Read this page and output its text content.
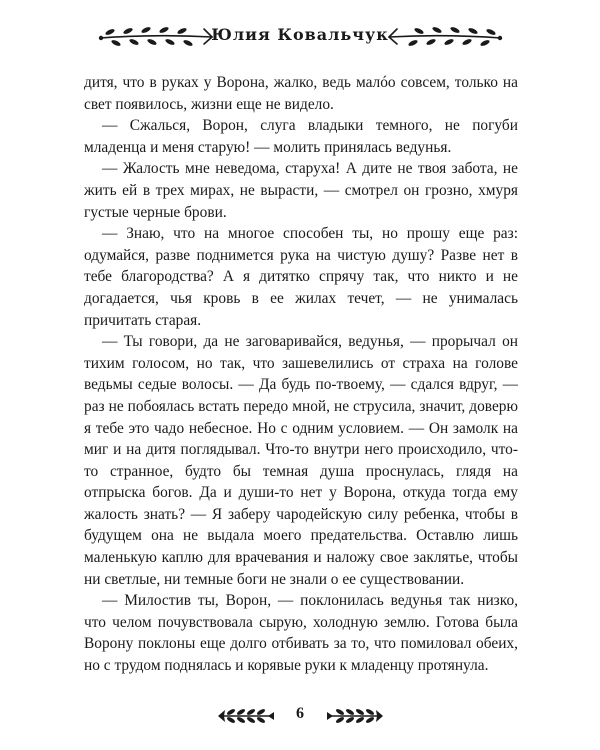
Юлия Ковальчук

дитя, что в руках у Ворона, жалко, ведь малóо совсем, только на свет появилось, жизни еще не видело.

— Сжалься, Ворон, слуга владыки темного, не погуби младенца и меня старую! — молить принялась ведунья.

— Жалость мне неведома, старуха! А дите не твоя забота, не жить ей в трех мирах, не вырасти, — смотрел он грозно, хмуря густые черные брови.

— Знаю, что на многое способен ты, но прошу еще раз: одумайся, разве поднимется рука на чистую душу? Разве нет в тебе благородства? А я дитятко спрячу так, что никто и не догадается, чья кровь в ее жилах течет, — не унималась причитать старая.

— Ты говори, да не заговаривайся, ведунья, — прорычал он тихим голосом, но так, что зашевелились от страха на голове ведьмы седые волосы. — Да будь по-твоему, — сдался вдруг, — раз не побоялась встать передо мной, не струсила, значит, доверю я тебе это чадо небесное. Но с одним условием. — Он замолк на миг и на дитя поглядывал. Что-то внутри него происходило, что-то странное, будто бы темная душа проснулась, глядя на отпрыска богов. Да и души-то нет у Ворона, откуда тогда ему жалость знать? — Я заберу чародейскую силу ребенка, чтобы в будущем она не выдала моего предательства. Оставлю лишь маленькую каплю для врачевания и наложу свое заклятье, чтобы ни светлые, ни темные боги не знали о ее существовании.

— Милостив ты, Ворон, — поклонилась ведунья так низко, что челом почувствовала сырую, холодную землю. Готова была Ворону поклоны еще долго отбивать за то, что помиловал обеих, но с трудом поднялась и корявые руки к младенцу протянула.

6
